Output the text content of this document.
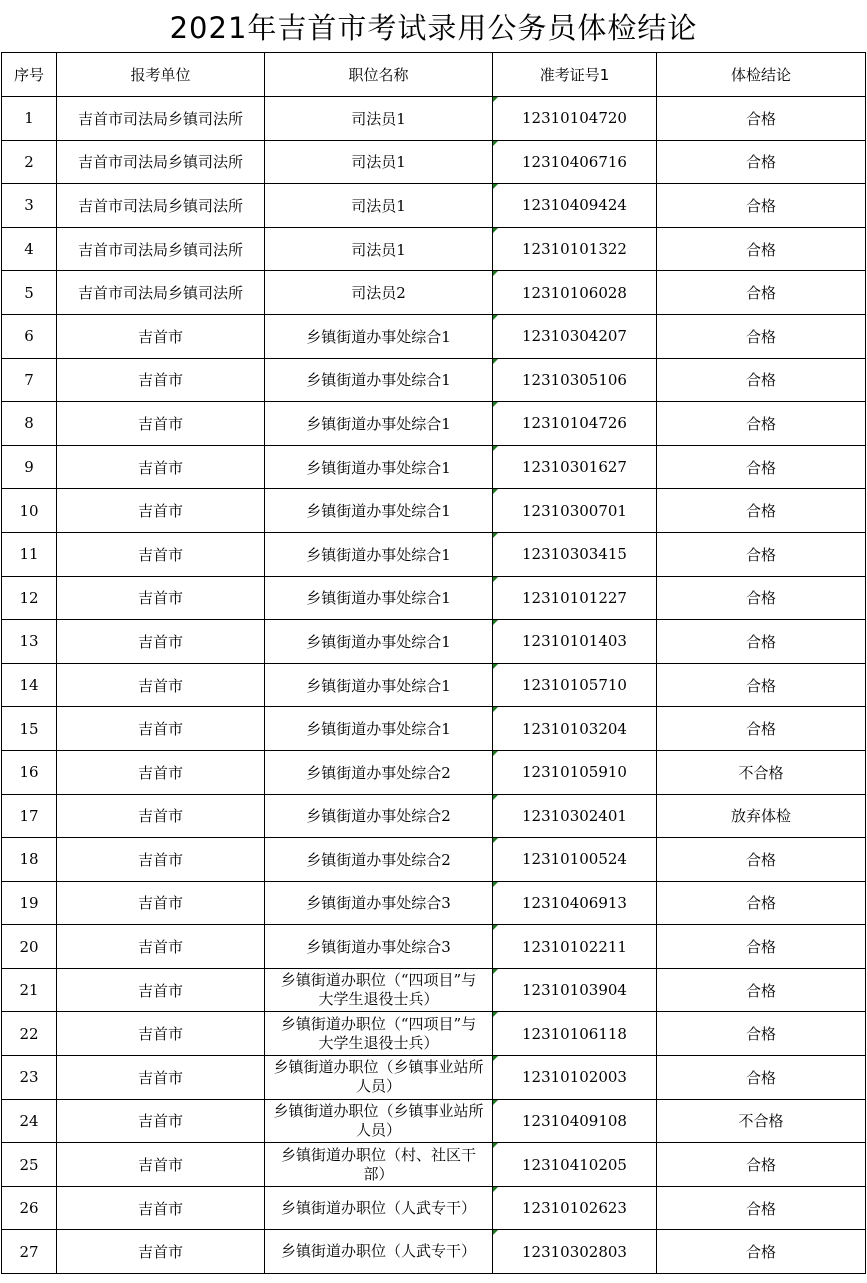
2021年吉首市考试录用公务员体检结论
序号	报考单位	职位名称	准考证号1	体检结论
1	吉首市司法局乡镇司法所	司法员1	12310104720	合格
2	吉首市司法局乡镇司法所	司法员1	12310406716	合格
3	吉首市司法局乡镇司法所	司法员1	12310409424	合格
4	吉首市司法局乡镇司法所	司法员1	12310101322	合格
5	吉首市司法局乡镇司法所	司法员2	12310106028	合格
6	吉首市	乡镇街道办事处综合1	12310304207	合格
7	吉首市	乡镇街道办事处综合1	12310305106	合格
8	吉首市	乡镇街道办事处综合1	12310104726	合格
9	吉首市	乡镇街道办事处综合1	12310301627	合格
10	吉首市	乡镇街道办事处综合1	12310300701	合格
11	吉首市	乡镇街道办事处综合1	12310303415	合格
12	吉首市	乡镇街道办事处综合1	12310101227	合格
13	吉首市	乡镇街道办事处综合1	12310101403	合格
14	吉首市	乡镇街道办事处综合1	12310105710	合格
15	吉首市	乡镇街道办事处综合1	12310103204	合格
16	吉首市	乡镇街道办事处综合2	12310105910	不合格
17	吉首市	乡镇街道办事处综合2	12310302401	放弃体检
18	吉首市	乡镇街道办事处综合2	12310100524	合格
19	吉首市	乡镇街道办事处综合3	12310406913	合格
20	吉首市	乡镇街道办事处综合3	12310102211	合格
21	吉首市	乡镇街道办职位（“四项目”与大学生退役士兵）	12310103904	合格
22	吉首市	乡镇街道办职位（“四项目”与大学生退役士兵）	12310106118	合格
23	吉首市	乡镇街道办职位（乡镇事业站所人员）	12310102003	合格
24	吉首市	乡镇街道办职位（乡镇事业站所人员）	12310409108	不合格
25	吉首市	乡镇街道办职位（村、社区干部）	12310410205	合格
26	吉首市	乡镇街道办职位（人武专干）	12310102623	合格
27	吉首市	乡镇街道办职位（人武专干）	12310302803	合格
